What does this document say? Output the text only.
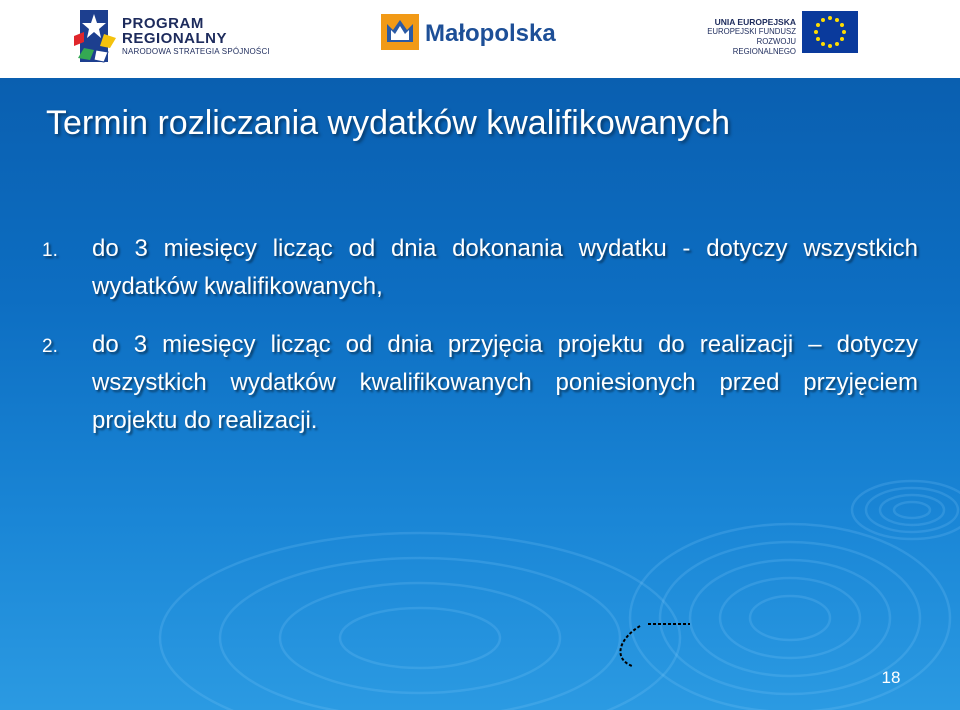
PROGRAM
REGIONALNY
NARODOWA STRATEGIA SPÓJNOŚCI
Małopolska	UNIA EUROPEJSKA
EUROPEJSKI FUNDUSZ
ROZWOJU REGIONALNEGO
Termin rozliczania wydatków kwalifikowanych
1. do 3 miesięcy licząc od dnia dokonania wydatku - dotyczy wszystkich wydatków kwalifikowanych,
2. do 3 miesięcy licząc od dnia przyjęcia projektu do realizacji – dotyczy wszystkich wydatków kwalifikowanych poniesionych przed przyjęciem projektu do realizacji.
18
